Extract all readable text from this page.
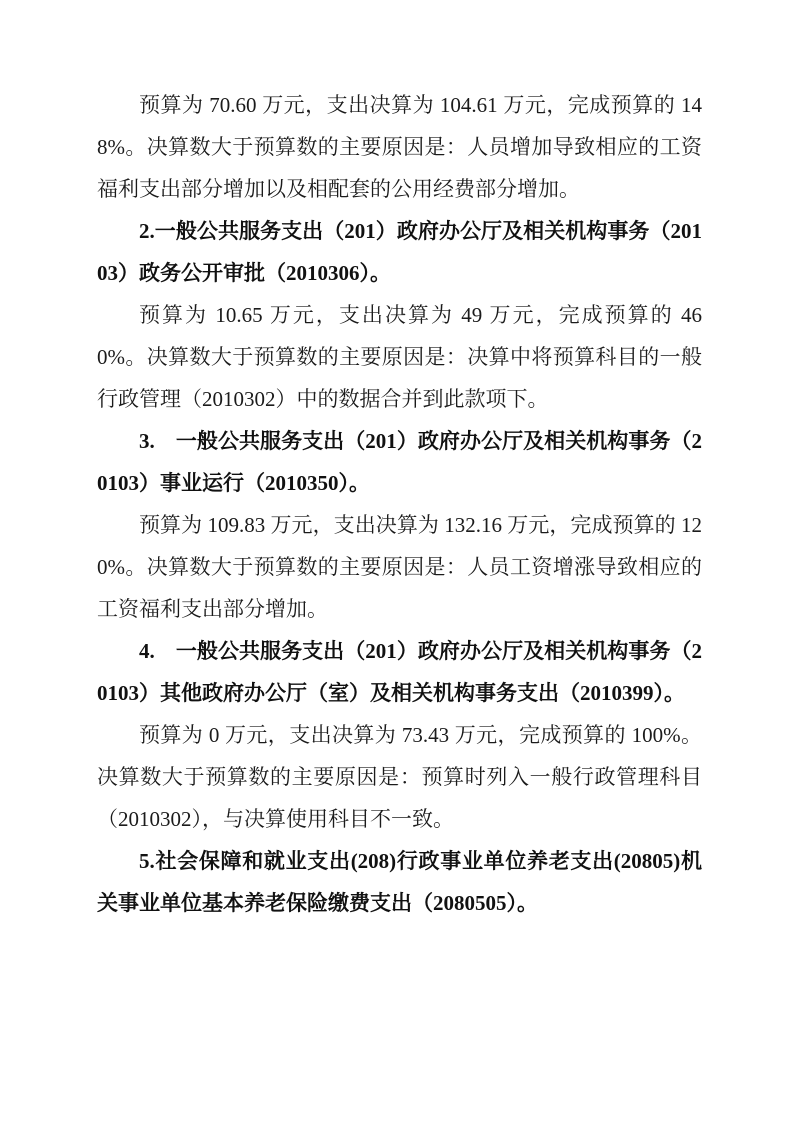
预算为 70.60 万元，支出决算为 104.61 万元，完成预算的 148%。决算数大于预算数的主要原因是：人员增加导致相应的工资福利支出部分增加以及相配套的公用经费部分增加。

2.一般公共服务支出（201）政府办公厅及相关机构事务（20103）政务公开审批（2010306）。

预算为 10.65 万元，支出决算为 49 万元，完成预算的 460%。决算数大于预算数的主要原因是：决算中将预算科目的一般行政管理（2010302）中的数据合并到此款项下。

3.　一般公共服务支出（201）政府办公厅及相关机构事务（20103）事业运行（2010350）。

预算为 109.83 万元，支出决算为 132.16 万元，完成预算的 120%。决算数大于预算数的主要原因是：人员工资增涨导致相应的工资福利支出部分增加。

4.　一般公共服务支出（201）政府办公厅及相关机构事务（20103）其他政府办公厅（室）及相关机构事务支出（2010399）。

预算为 0 万元，支出决算为 73.43 万元，完成预算的 100%。决算数大于预算数的主要原因是：预算时列入一般行政管理科目（2010302），与决算使用科目不一致。

5.社会保障和就业支出(208)行政事业单位养老支出(20805)机关事业单位基本养老保险缴费支出（2080505）。
